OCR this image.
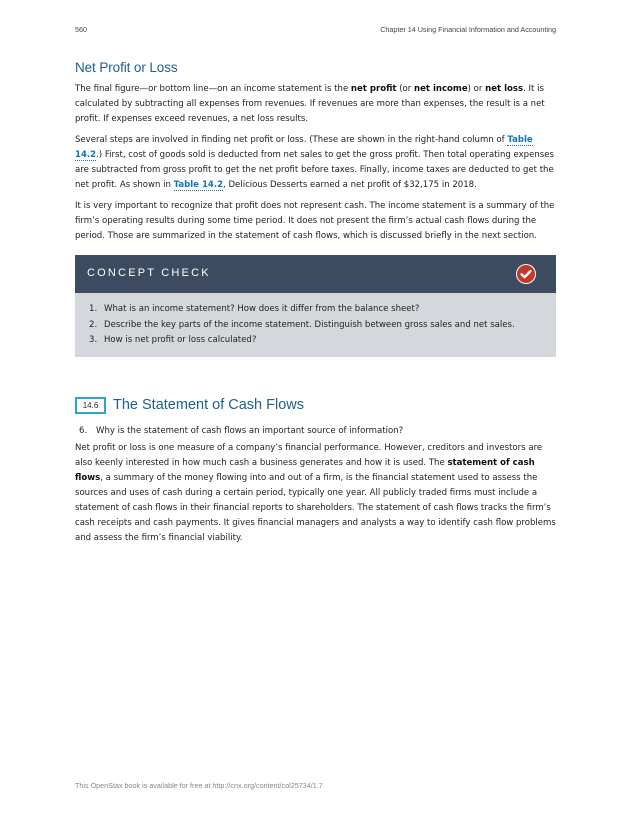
560	Chapter 14 Using Financial Information and Accounting
Net Profit or Loss

The final figure—or bottom line—on an income statement is the net profit (or net income) or net loss. It is calculated by subtracting all expenses from revenues. If revenues are more than expenses, the result is a net profit. If expenses exceed revenues, a net loss results.

Several steps are involved in finding net profit or loss. (These are shown in the right-hand column of Table 14.2.) First, cost of goods sold is deducted from net sales to get the gross profit. Then total operating expenses are subtracted from gross profit to get the net profit before taxes. Finally, income taxes are deducted to get the net profit. As shown in Table 14.2, Delicious Desserts earned a net profit of $32,175 in 2018.

It is very important to recognize that profit does not represent cash. The income statement is a summary of the firm’s operating results during some time period. It does not present the firm’s actual cash flows during the period. Those are summarized in the statement of cash flows, which is discussed briefly in the next section.

CONCEPT CHECK
1. What is an income statement? How does it differ from the balance sheet?
2. Describe the key parts of the income statement. Distinguish between gross sales and net sales.
3. How is net profit or loss calculated?
14.6	The Statement of Cash Flows
6. Why is the statement of cash flows an important source of information?

Net profit or loss is one measure of a company’s financial performance. However, creditors and investors are also keenly interested in how much cash a business generates and how it is used. The statement of cash flows, a summary of the money flowing into and out of a firm, is the financial statement used to assess the sources and uses of cash during a certain period, typically one year. All publicly traded firms must include a statement of cash flows in their financial reports to shareholders. The statement of cash flows tracks the firm’s cash receipts and cash payments. It gives financial managers and analysts a way to identify cash flow problems and assess the firm’s financial viability.

This OpenStax book is available for free at http://cnx.org/content/col25734/1.7
